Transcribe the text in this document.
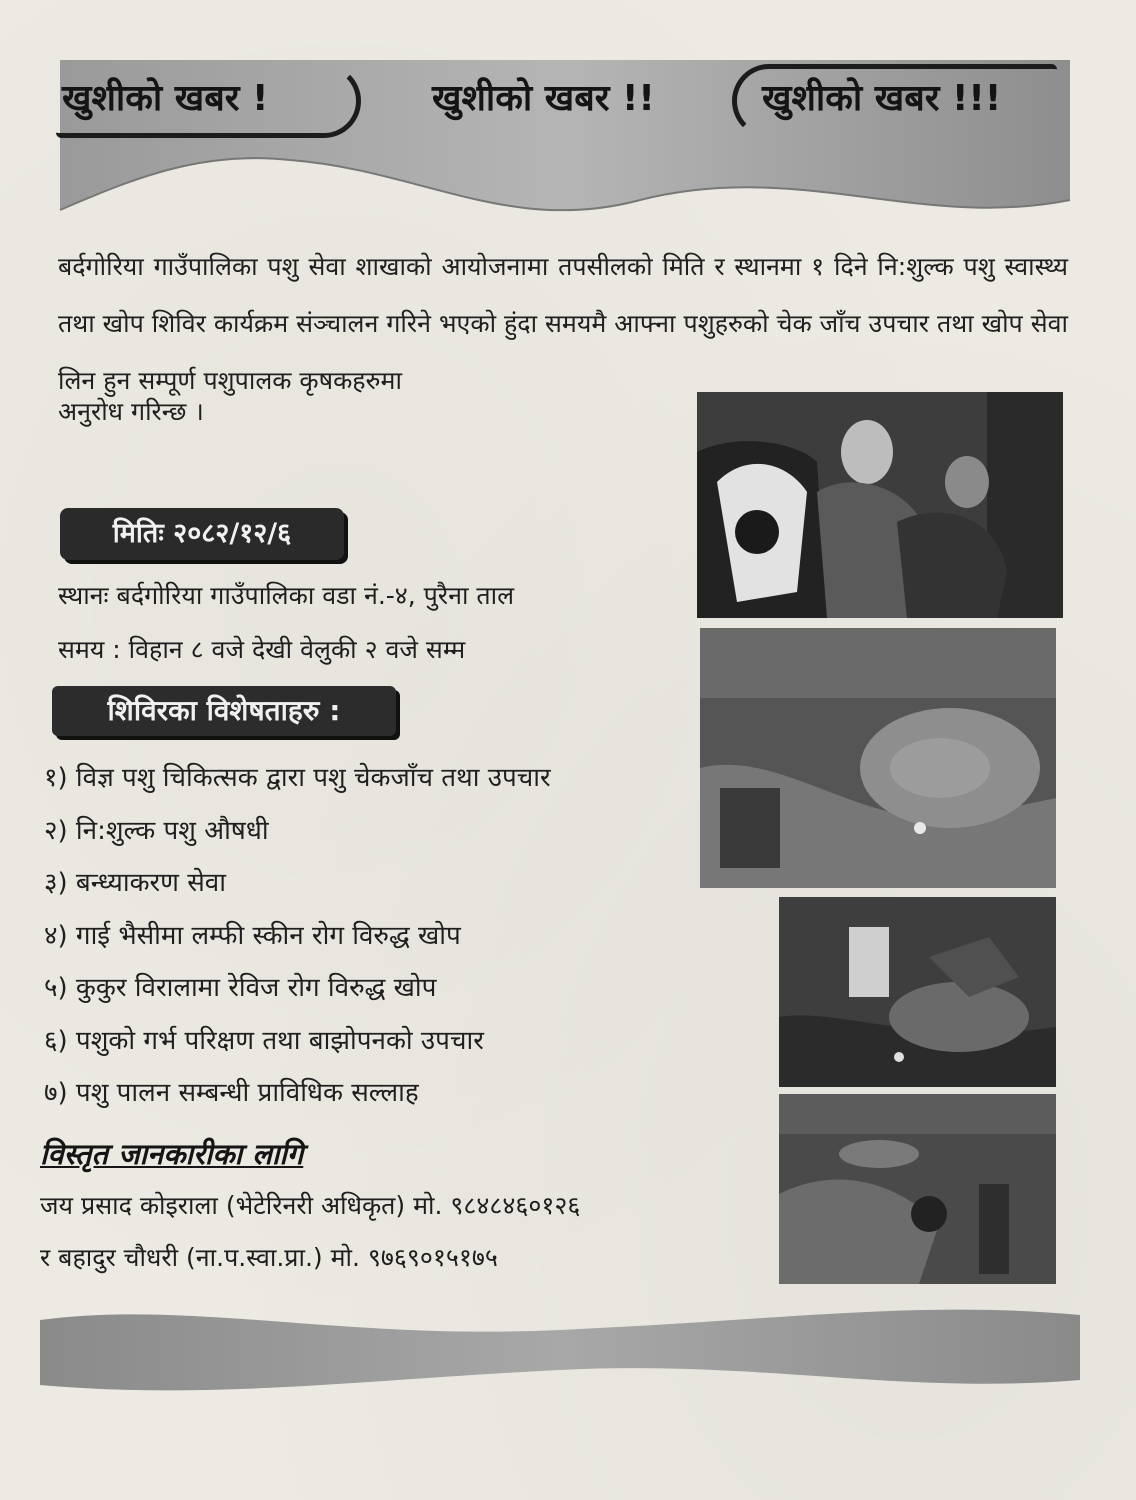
खुशीको खबर !	खुशीको खबर !!	खुशीको खबर !!!
बर्दगोरिया गाउँपालिका पशु सेवा शाखाको आयोजनामा तपसीलको मिति र स्थानमा १ दिने नि:शुल्क पशु स्वास्थ्य तथा खोप शिविर कार्यक्रम संञ्चालन गरिने भएको हुंदा समयमै आफ्ना पशुहरुको चेक जाँच उपचार तथा खोप सेवा लिन हुन सम्पूर्ण पशुपालक कृषकहरुमा
अनुरोध गरिन्छ ।
मितिः २०८२/१२/६
स्थानः बर्दगोरिया गाउँपालिका वडा नं.-४, पुरैना ताल
समय : विहान ८ वजे देखी वेलुकी २ वजे सम्म
शिविरका विशेषताहरु :
१) विज्ञ पशु चिकित्सक द्वारा पशु चेकजाँच तथा उपचार
२) नि:शुल्क पशु औषधी
३) बन्ध्याकरण सेवा
४) गाई भैसीमा लम्फी स्कीन रोग विरुद्ध खोप
५) कुकुर विरालामा रेविज रोग विरुद्ध खोप
६) पशुको गर्भ परिक्षण तथा बाझोपनको उपचार
७) पशु पालन सम्बन्धी प्राविधिक सल्लाह
विस्तृत जानकारीका लागि
जय प्रसाद कोइराला (भेटेरिनरी अधिकृत) मो. ९८४८४६०१२६
र बहादुर चौधरी (ना.प.स्वा.प्रा.) मो. ९७६९०१५१७५
